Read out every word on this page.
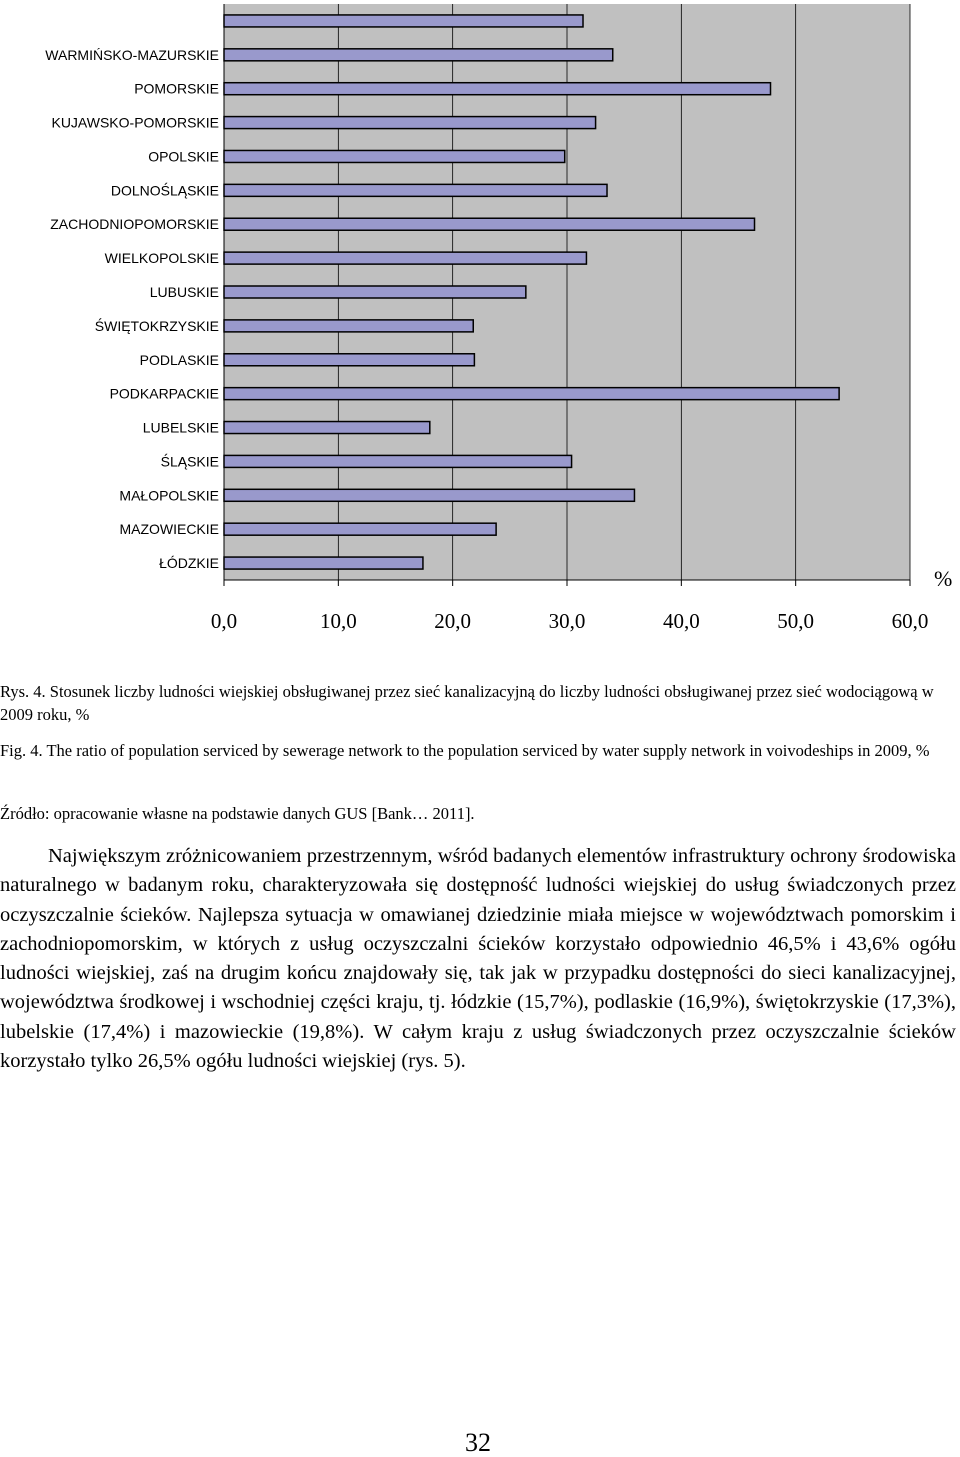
WARMIŃSKO-MAZURSKIE
POMORSKIE
KUJAWSKO-POMORSKIE
OPOLSKIE
DOLNOŚLĄSKIE
ZACHODNIOPOMORSKIE
WIELKOPOLSKIE
LUBUSKIE
ŚWIĘTOKRZYSKIE
PODLASKIE
PODKARPACKIE
LUBELSKIE
ŚLĄSKIE
MAŁOPOLSKIE
MAZOWIECKIE
ŁÓDZKIE
0,0	10,0	20,0	30,0	40,0	50,0	60,0
%

Rys. 4. Stosunek liczby ludności wiejskiej obsługiwanej przez sieć kanalizacyjną do liczby ludności obsługiwanej przez sieć wodociągową w 2009 roku, %

Fig. 4. The ratio of population serviced by sewerage network to the population serviced by water supply network in voivodeships in 2009, %

Źródło: opracowanie własne na podstawie danych GUS [Bank… 2011].

Największym zróżnicowaniem przestrzennym, wśród badanych elementów infrastruktury ochrony środowiska naturalnego w badanym roku, charakteryzowała się dostępność ludności wiejskiej do usług świadczonych przez oczyszczalnie ścieków. Najlepsza sytuacja w omawianej dziedzinie miała miejsce w województwach pomorskim i zachodniopomorskim, w których z usług oczyszczalni ścieków korzystało odpowiednio 46,5% i 43,6% ogółu ludności wiejskiej, zaś na drugim końcu znajdowały się, tak jak w przypadku dostępności do sieci kanalizacyjnej, województwa środkowej i wschodniej części kraju, tj. łódzkie (15,7%), podlaskie (16,9%), świętokrzyskie (17,3%), lubelskie (17,4%) i mazowieckie (19,8%). W całym kraju z usług świadczonych przez oczyszczalnie ścieków korzystało tylko 26,5% ogółu ludności wiejskiej (rys. 5).

32
